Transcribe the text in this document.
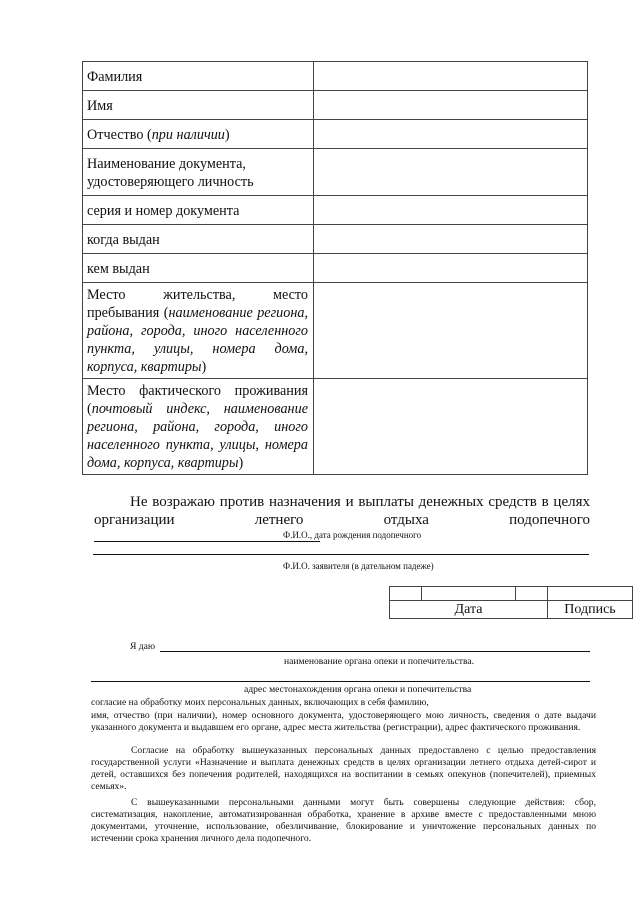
Фамилия	
Имя	
Отчество (при наличии)	

Наименование документа,
удостоверяющего личность	

серия и номер документа	
когда выдан	
кем выдан	
Место жительства, место пребывания (наименование региона, района, города, иного населенного пункта, улицы, номера дома, корпуса, квартиры)	
Место фактического проживания (почтовый индекс, наименование региона, района, города, иного населенного пункта, улицы, номера дома, корпуса, квартиры)	
Не возражаю против назначения и выплаты денежных средств в целях организации летнего отдыха подопечного
Ф.И.О., дата рождения подопечного
Ф.И.О. заявителя (в дательном падеже)

Дата			Подпись
Я даю
наименование органа опеки и попечительства.
адрес местонахождения органа опеки и попечительства
согласие на обработку моих персональных данных, включающих в себя фамилию,
имя, отчество (при наличии), номер основного документа, удостоверяющего мою личность, сведения о дате выдачи указанного документа и выдавшем его органе, адрес места жительства (регистрации), адрес фактического проживания.
Согласие на обработку вышеуказанных персональных данных предоставлено с целью предоставления государственной услуги «Назначение и выплата денежных средств в целях организации летнего отдыха детей-сирот и детей, оставшихся без попечения родителей, находящихся на воспитании в семьях опекунов (попечителей), приемных семьях».
С вышеуказанными персональными данными могут быть совершены следующие действия: сбор, систематизация, накопление, автоматизированная обработка, хранение в архиве вместе с предоставленными мною документами, уточнение, использование, обезличивание, блокирование и уничтожение персональных данных по истечении срока хранения личного дела подопечного.
